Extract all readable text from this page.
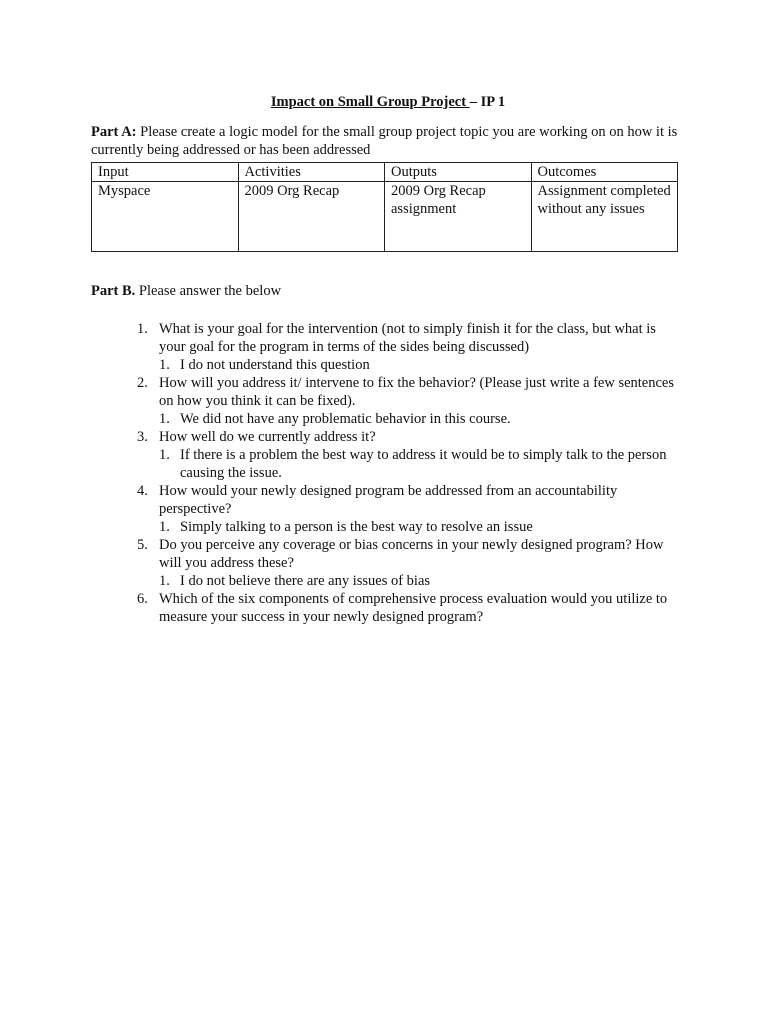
Impact on Small Group Project – IP 1

Part A: Please create a logic model for the small group project topic you are working on on how it is currently being addressed or has been addressed

Input	Activities	Outputs	Outcomes
Myspace	2009 Org Recap	2009 Org Recap assignment	Assignment completed without any issues

Part B. Please answer the below

1. What is your goal for the intervention (not to simply finish it for the class, but what is your goal for the program in terms of the sides being discussed)
1. I do not understand this question
2. How will you address it/ intervene to fix the behavior? (Please just write a few sentences on how you think it can be fixed).
1. We did not have any problematic behavior in this course.
3. How well do we currently address it?
1. If there is a problem the best way to address it would be to simply talk to the person causing the issue.
4. How would your newly designed program be addressed from an accountability perspective?
1. Simply talking to a person is the best way to resolve an issue
5. Do you perceive any coverage or bias concerns in your newly designed program? How will you address these?
1. I do not believe there are any issues of bias
6. Which of the six components of comprehensive process evaluation would you utilize to measure your success in your newly designed program?
